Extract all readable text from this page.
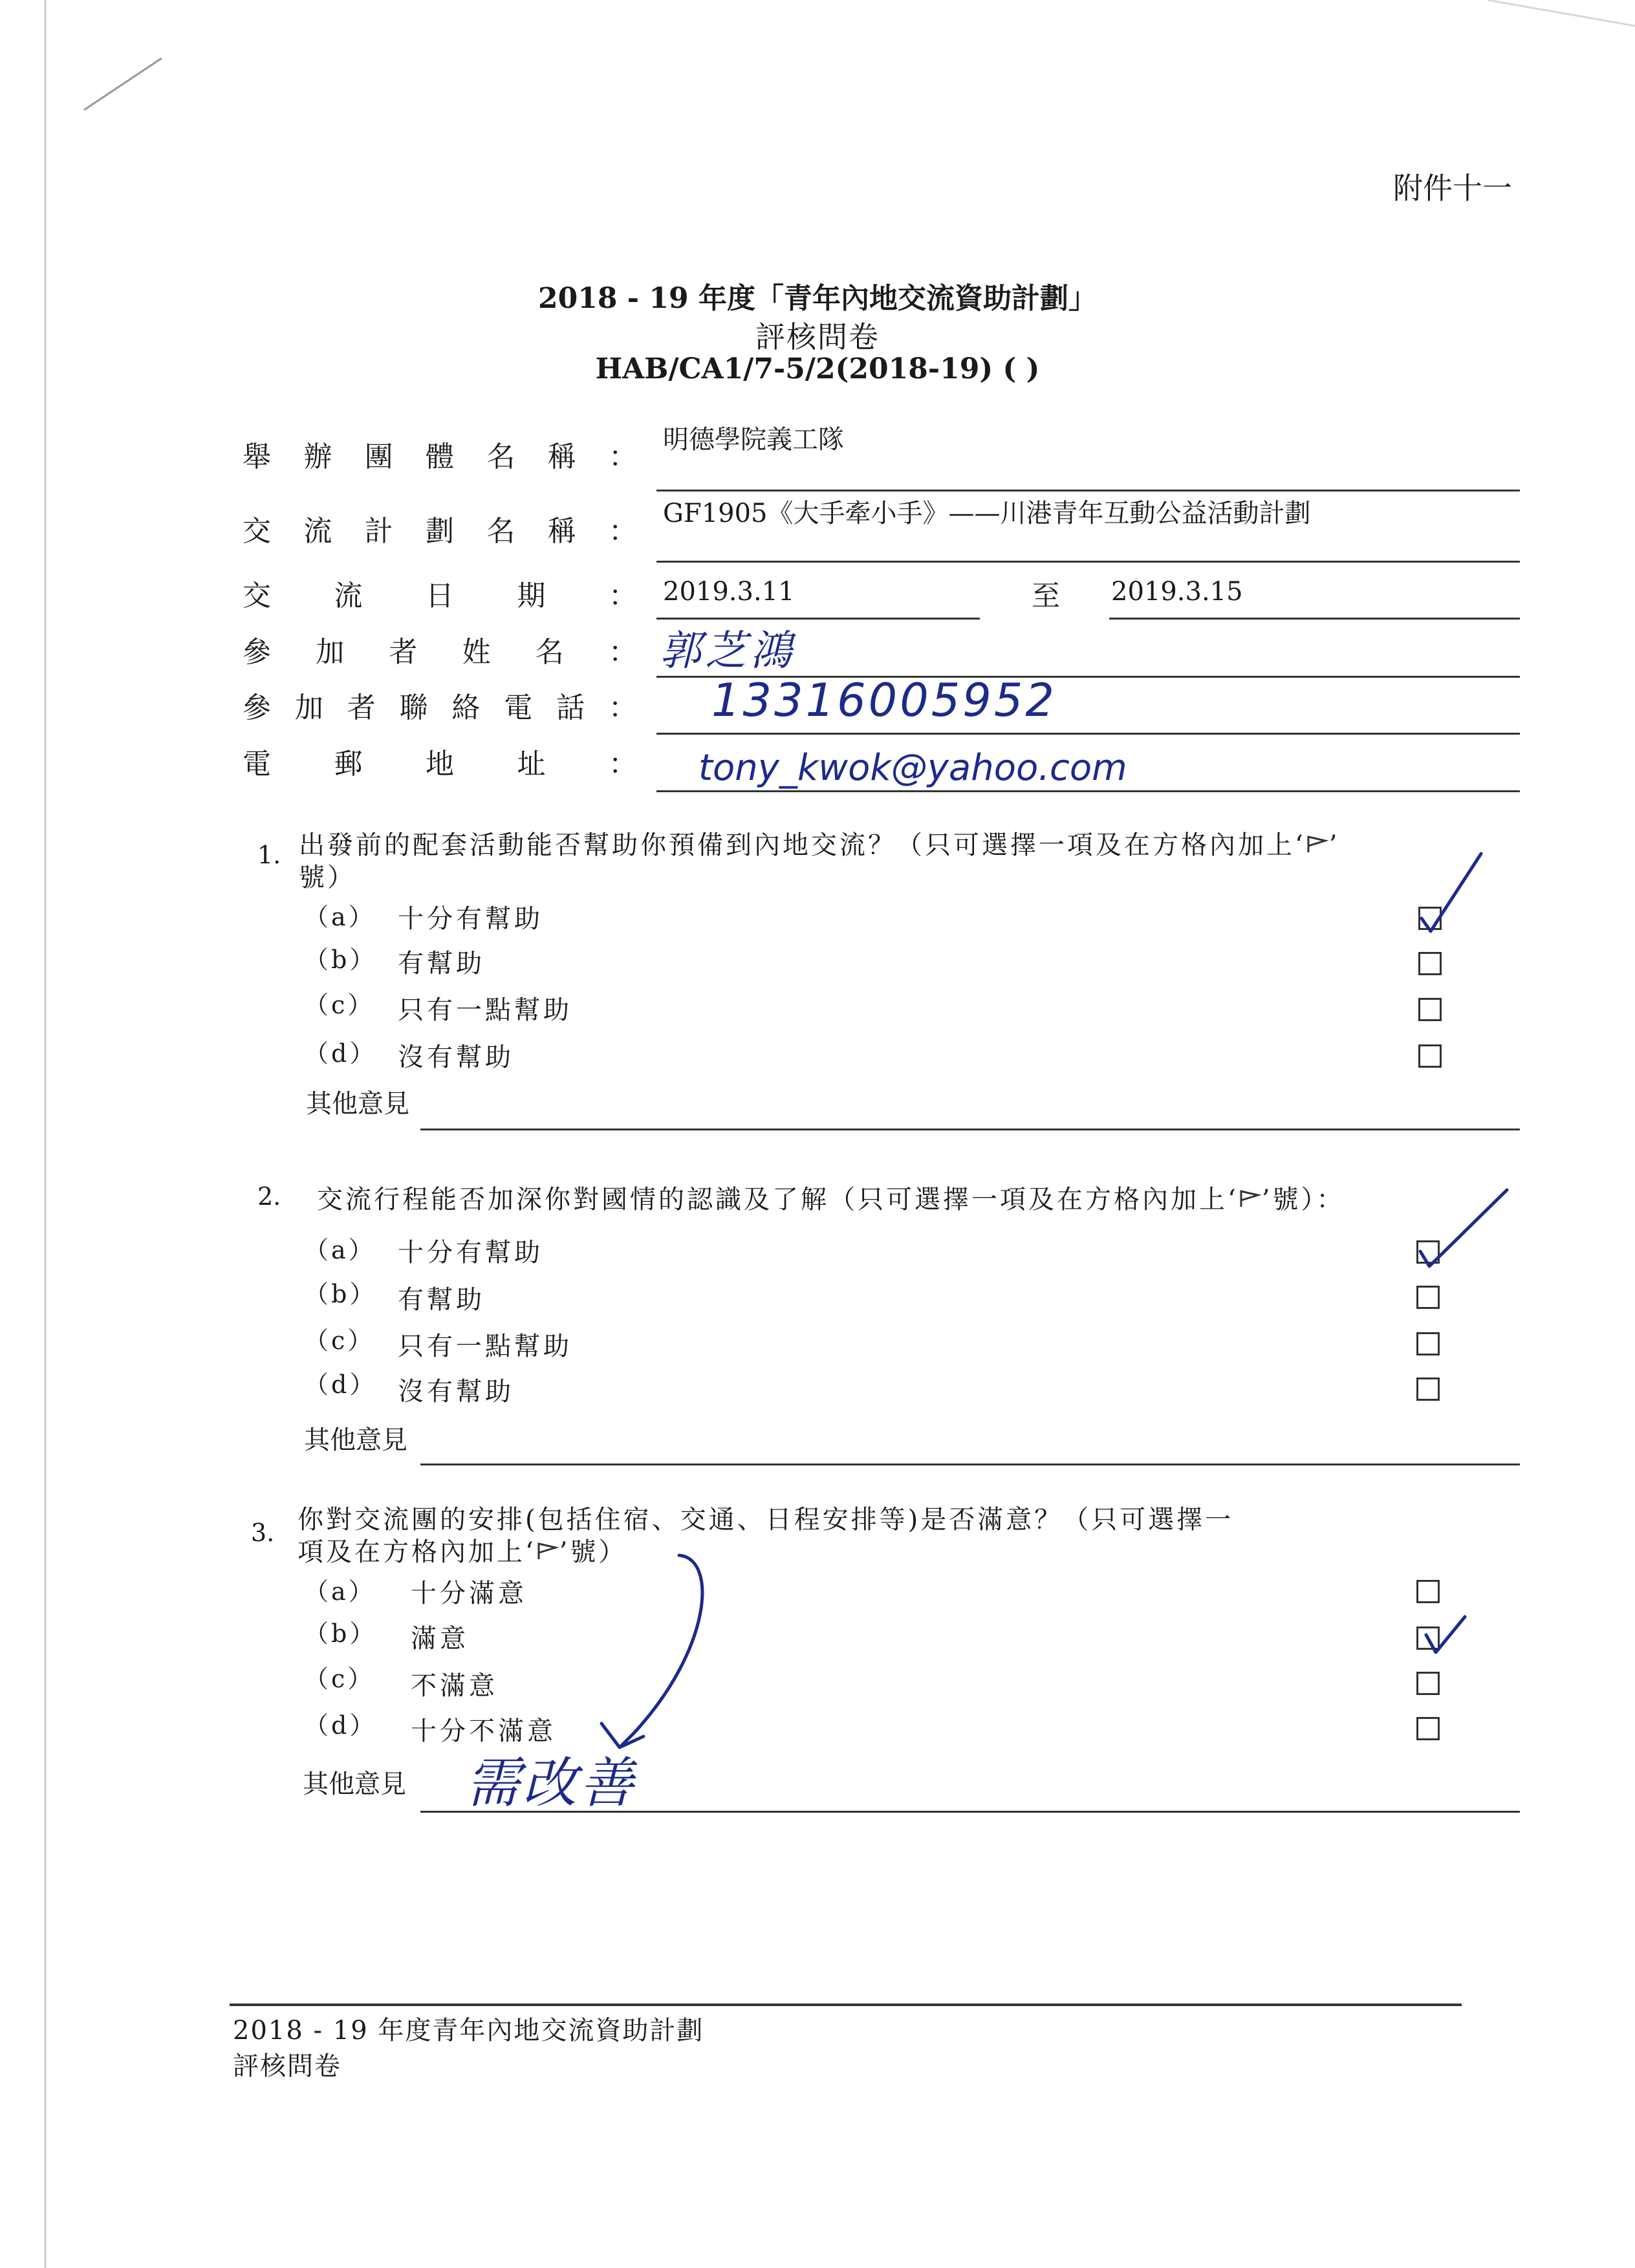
附件十一
2018 - 19 年度「青年內地交流資助計劃」
評核問卷
HAB/CA1/7-5/2(2018-19) ( )
舉 辦 團 體 名 稱 ：
明德學院義工隊
交 流 計 劃 名 稱 ：
GF1905《大手牽小手》——川港青年互動公益活動計劃
交 流 日 期 ： 2019.3.11	至 2019.3.15
參 加 者 姓 名 ： 郭芝鴻
參 加 者 聯 絡 電 話 ： 13316005952
電 郵 地 址 ： tony_kwok@yahoo.com
1. 出發前的配套活動能否幫助你預備到內地交流？（只可選擇一項及在方格內加上‘ ’
號）
（a） 十分有幫助
（b） 有幫助
（c） 只有一點幫助
（d） 沒有幫助
其他意見
2. 交流行程能否加深你對國情的認識及了解（只可選擇一項及在方格內加上‘ ’號）：
（a） 十分有幫助
（b） 有幫助
（c） 只有一點幫助
（d） 沒有幫助
其他意見
3. 你對交流團的安排(包括住宿、交通、日程安排等)是否滿意？（只可選擇一
項及在方格內加上‘ ’號）
（a） 十分滿意
（b） 滿意
（c） 不滿意
（d） 十分不滿意
其他意見 需改善
2018 - 19 年度青年內地交流資助計劃
評核問卷
